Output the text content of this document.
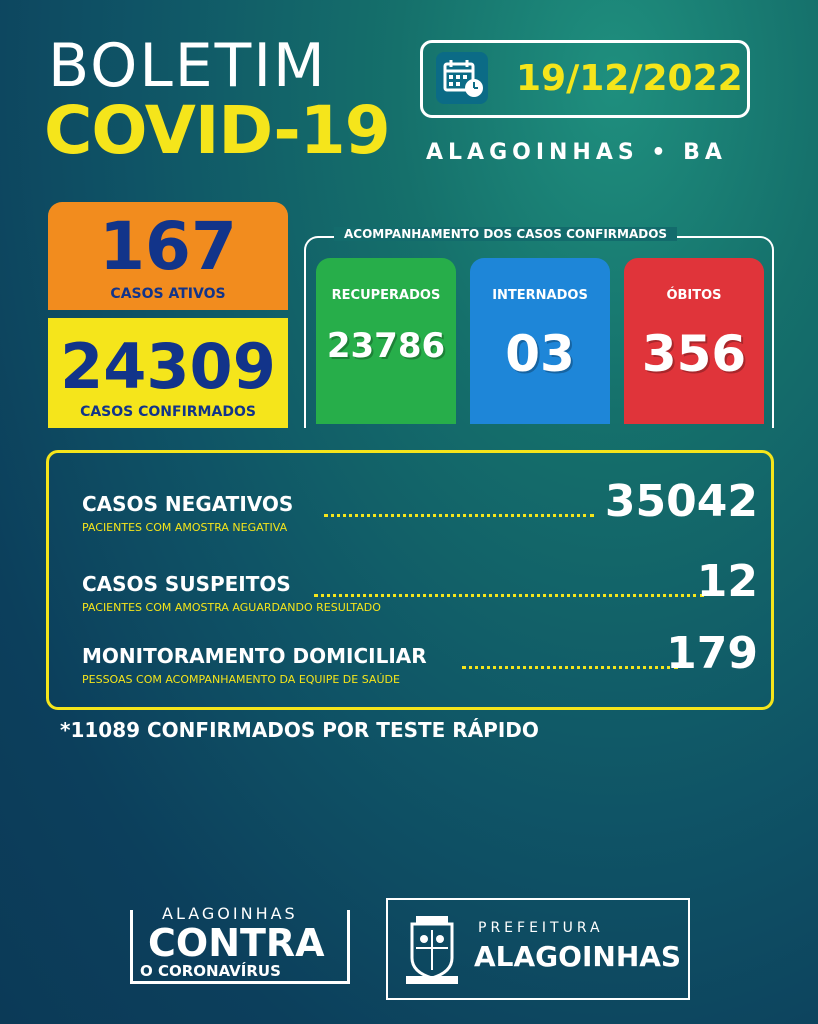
BOLETIM
COVID-19
19/12/2022
ALAGOINHAS • BA
167
CASOS ATIVOS
24309
CASOS CONFIRMADOS
ACOMPANHAMENTO DOS CASOS CONFIRMADOS
RECUPERADOS
23786
INTERNADOS
03
ÓBITOS
356
CASOS NEGATIVOS	35042
PACIENTES COM AMOSTRA NEGATIVA
CASOS SUSPEITOS	12
PACIENTES COM AMOSTRA AGUARDANDO RESULTADO
MONITORAMENTO DOMICILIAR	179
PESSOAS COM ACOMPANHAMENTO DA EQUIPE DE SAÚDE
*11089 CONFIRMADOS POR TESTE RÁPIDO
ALAGOINHAS
CONTRA
O CORONAVÍRUS
PREFEITURA
ALAGOINHAS
